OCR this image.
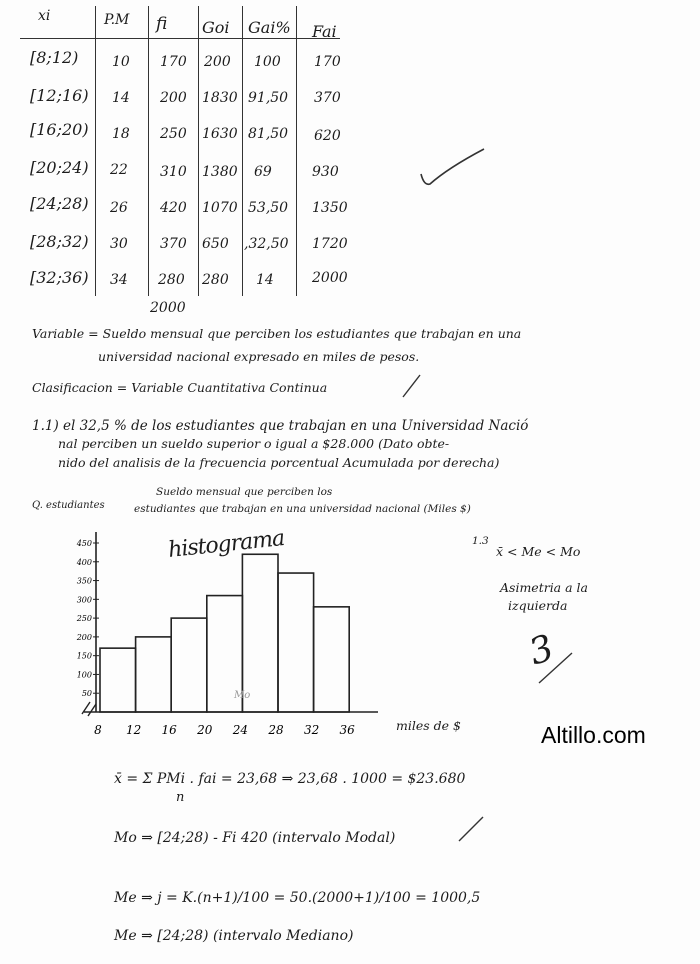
xi	P.M fi Goi Gai% Fai
[8;12) 10 170 200 100 170
[12;16) 14 200 1830 91,50 370
[16;20) 18 250 1630 81,50 620
[20;24) 22 310 1380 69	930
[24;28) 26 420 1070 53,50 1350
[28;32) 30 370 650 ,32,50 1720
[32;36) 34 280 280 14	2000
2000
Variable = Sueldo mensual que perciben los estudiantes que trabajan en una
universidad nacional expresado en miles de pesos.
Clasificacion = Variable Cuantitativa Continua
1.1) el 32,5 % de los estudiantes que trabajan en una Universidad Nació
nal perciben un sueldo superior o igual a $28.000 (Dato obte-
nido del analisis de la frecuencia porcentual Acumulada por derecha)
Sueldo mensual que perciben los
estudiantes que trabajan en una universidad nacional (Miles $)
Q. estudiantes
histograma
50
100
150
200
250
300
350
400
450
8 12 16 20 24 28 32 36	miles de $
Mo
1.3
x̄ < Me < Mo
Asimetria a la
izquierda
3
Altillo.com
x̄ = Σ PMi . fai = 23,68 ⇒ 23,68 . 1000 = $23.680
n
Mo ⇒ [24;28) - Fi 420 (intervalo Modal)
Me ⇒ j = K.(n+1)/100 = 50.(2000+1)/100 = 1000,5
Me ⇒ [24;28) (intervalo Mediano)
